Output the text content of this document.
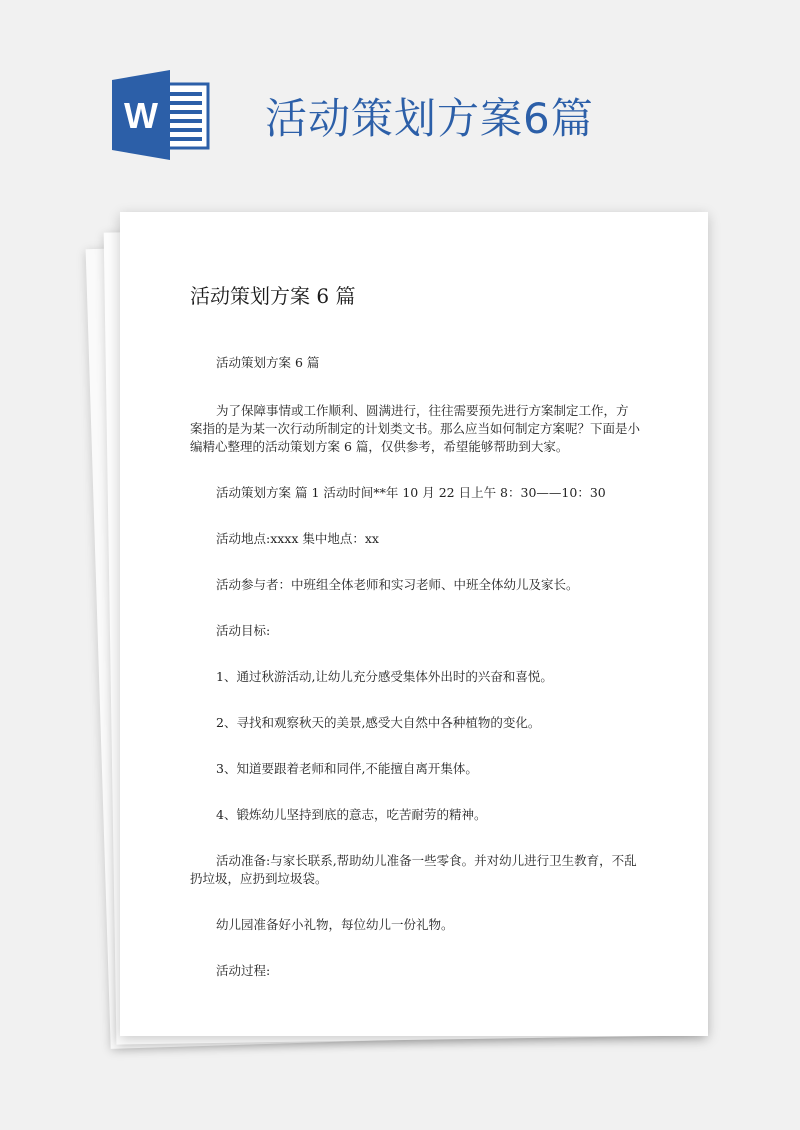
W	活动策划方案6篇
活动策划方案 6 篇
活动策划方案 6 篇
为了保障事情或工作顺利、圆满进行，往往需要预先进行方案制定工作，方案指的是为某一次行动所制定的计划类文书。那么应当如何制定方案呢？下面是小编精心整理的活动策划方案 6 篇，仅供参考，希望能够帮助到大家。
活动策划方案 篇 1 活动时间**年 10 月 22 日上午 8：30——10：30
活动地点:xxxx 集中地点：xx
活动参与者：中班组全体老师和实习老师、中班全体幼儿及家长。
活动目标:
1、通过秋游活动,让幼儿充分感受集体外出时的兴奋和喜悦。
2、寻找和观察秋天的美景,感受大自然中各种植物的变化。
3、知道要跟着老师和同伴,不能擅自离开集体。
4、锻炼幼儿坚持到底的意志，吃苦耐劳的精神。
活动准备:与家长联系,帮助幼儿准备一些零食。并对幼儿进行卫生教育，不乱扔垃圾，应扔到垃圾袋。
幼儿园准备好小礼物，每位幼儿一份礼物。
活动过程:
